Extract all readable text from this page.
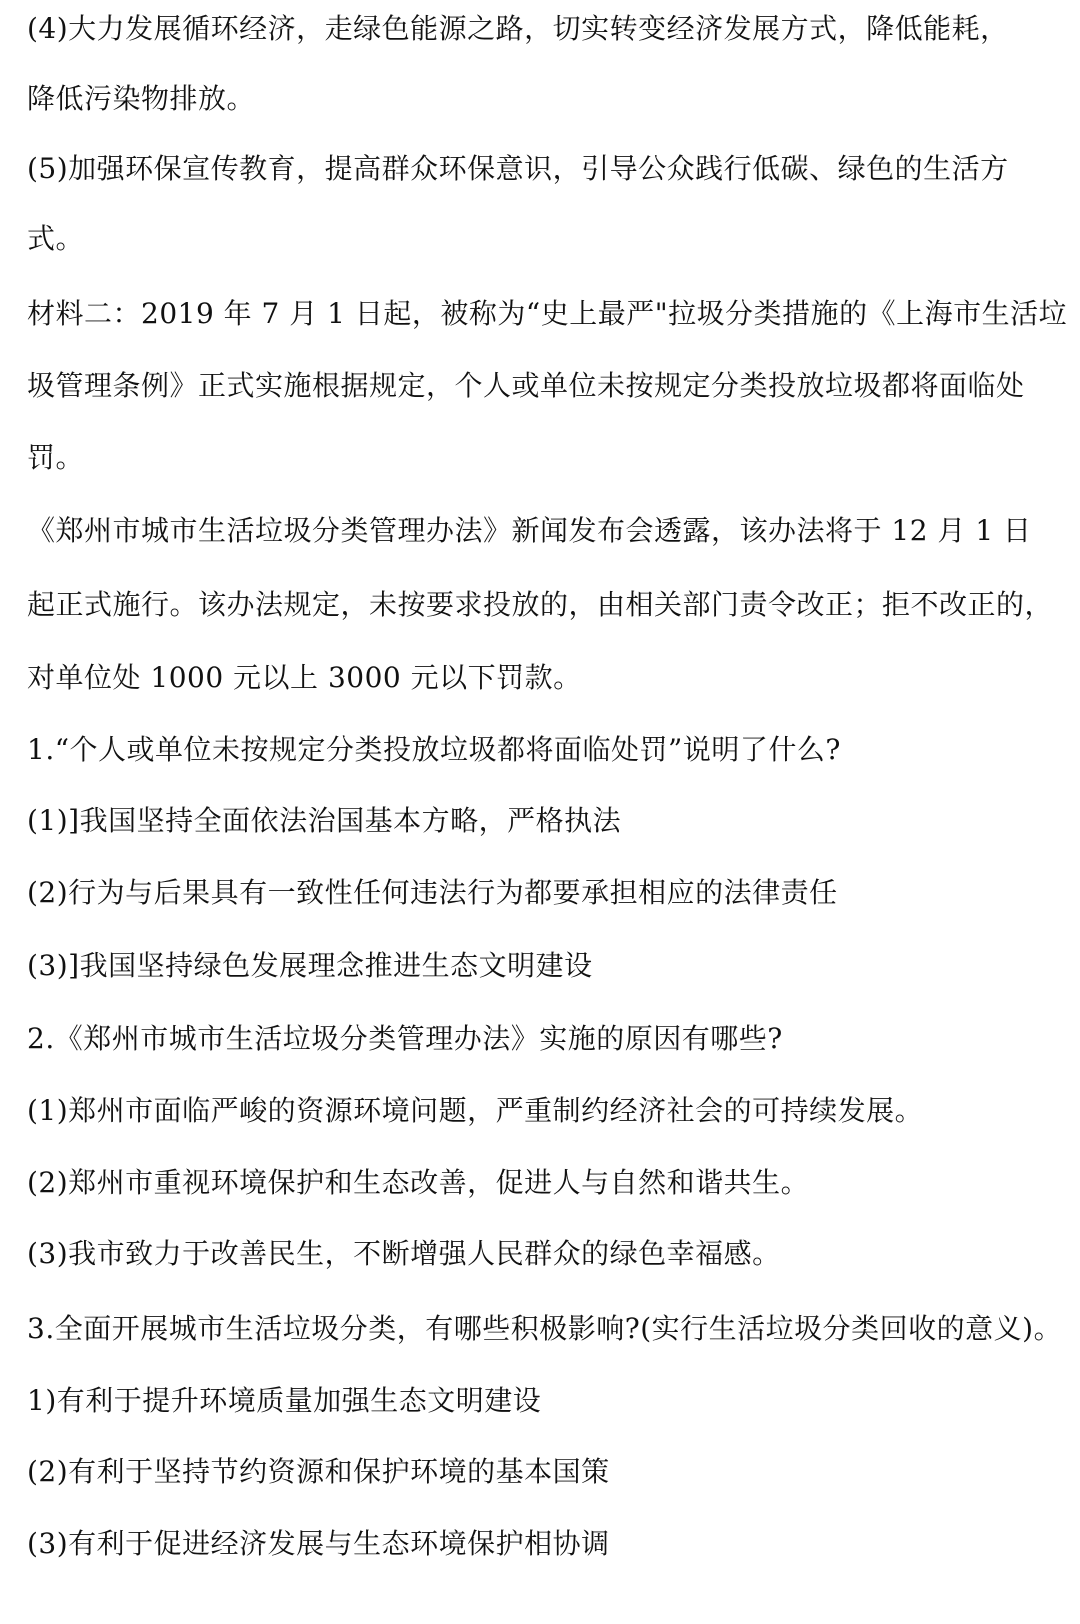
(4)大力发展循环经济，走绿色能源之路，切实转变经济发展方式，降低能耗，
降低污染物排放。
(5)加强环保宣传教育，提高群众环保意识，引导公众践行低碳、绿色的生活方
式。
材料二：2019 年 7 月 1 日起，被称为“史上最严"拉圾分类措施的《上海市生活垃
圾管理条例》正式实施根据规定，个人或单位未按规定分类投放垃圾都将面临处
罚。
《郑州市城市生活垃圾分类管理办法》新闻发布会透露，该办法将于 12 月 1 日
起正式施行。该办法规定，未按要求投放的，由相关部门责令改正；拒不改正的，
对单位处 1000 元以上 3000 元以下罚款。
1.“个人或单位未按规定分类投放垃圾都将面临处罚”说明了什么?
(1)]我国坚持全面依法治国基本方略，严格执法
(2)行为与后果具有一致性任何违法行为都要承担相应的法律责任
(3)]我国坚持绿色发展理念推进生态文明建设
2.《郑州市城市生活垃圾分类管理办法》实施的原因有哪些?
(1)郑州市面临严峻的资源环境问题，严重制约经济社会的可持续发展。
(2)郑州市重视环境保护和生态改善，促进人与自然和谐共生。
(3)我市致力于改善民生，不断增强人民群众的绿色幸福感。
3.全面开展城市生活垃圾分类，有哪些积极影响?(实行生活垃圾分类回收的意义)。
1)有利于提升环境质量加强生态文明建设
(2)有利于坚持节约资源和保护环境的基本国策
(3)有利于促进经济发展与生态环境保护相协调
